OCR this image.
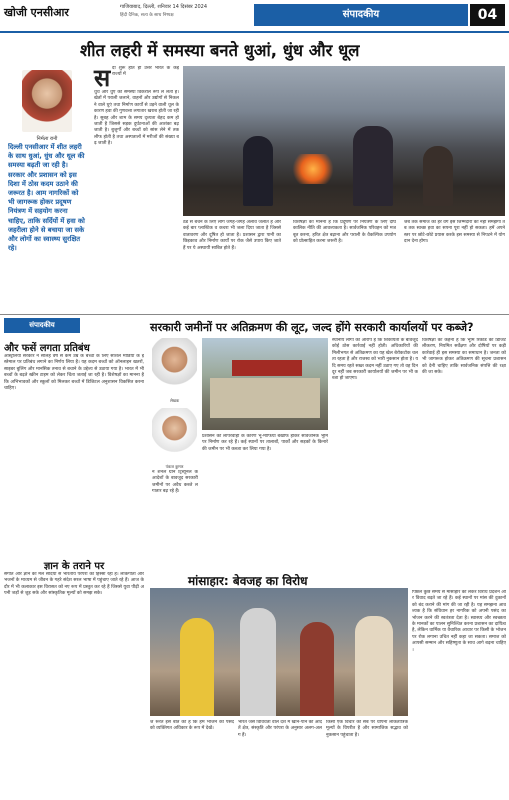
खोजी एनसीआर	गाजियाबाद, दिल्ली, शनिवार 14 दिसंबर 2024
हिंदी दैनिक, सत्य के साथ निष्पक्ष	संपादकीय	04
शीत लहरी में समस्या बनते धुआं, धुंध और धूल
निर्मला रानी
दिल्ली एनसीआर में शीत लहरी के साथ धुआं, धुंध और धूल की समस्या बढ़ती जा रही है। सरकार और प्रशासन को इस दिशा में ठोस कदम उठाने की जरूरत है। आम नागरिकों को भी जागरूक होकर प्रदूषण नियंत्रण में सहयोग करना चाहिए, ताकि सर्दियों में हवा को जहरीला होने से बचाया जा सके और लोगों का स्वास्थ्य सुरक्षित रहे।
स र्दी शुरू होते ही उत्तर भारत के कई राज्यों में
धुंध और धुएं की समस्या विकराल रूप ले लेती है। खेतों में पराली जलाने, वाहनों और उद्योगों से निकलने वाले धुएं तथा निर्माण कार्यों से उड़ने वाली धूल के कारण हवा की गुणवत्ता लगातार खराब होती जा रही है। सुबह और शाम के समय दृश्यता बेहद कम हो जाती है जिससे सड़क दुर्घटनाओं की आशंका बढ़ जाती है। बुजुर्गों और बच्चों को सांस लेने में तकलीफ होती है तथा अस्पतालों में मरीजों की संख्या बढ़ जाती है।
ठंड से बचने के लिए लोग जगह-जगह अलाव जलाते हैं और कई बार प्लास्टिक व कचरा भी जला दिया जाता है जिससे वातावरण और दूषित हो जाता है। प्रशासन द्वारा पानी का छिड़काव और निर्माण कार्यों पर रोक जैसे उपाय किए जाते हैं पर ये अस्थायी साबित होते हैं।
विशेषज्ञों का मानना है कि प्रदूषण पर नियंत्रण के लिए दीर्घकालिक नीति की आवश्यकता है। सार्वजनिक परिवहन को मजबूत करना, हरित क्षेत्र बढ़ाना और पराली के वैकल्पिक उपयोग को प्रोत्साहित करना जरूरी है।
जब तक समाज का हर वर्ग इस जिम्मेदारी को नहीं समझेगा तब तक स्वच्छ हवा का सपना पूरा नहीं हो सकता। हमें अपने स्तर पर छोटे-छोटे प्रयास करके इस समस्या से निपटने में योगदान देना होगा।
संपादकीय
और फसें लगता प्रतिबंध
आस्ट्रेलिया सरकार ने सोलह वर्ष से कम उम्र के बच्चों के लिए सोशल मीडिया के इस्तेमाल पर प्रतिबंध लगाने का निर्णय लिया है। यह कदम बच्चों को ऑनलाइन खतरों, साइबर बुलिंग और मानसिक तनाव से बचाने के उद्देश्य से उठाया गया है। भारत में भी बच्चों के बढ़ते स्क्रीन टाइम को लेकर चिंता जताई जा रही है। विशेषज्ञों का मानना है कि अभिभावकों और स्कूलों को मिलकर बच्चों में डिजिटल अनुशासन विकसित करना चाहिए।
ज्ञान के तराने पर
संगीत और ज्ञान का मेल सदियों से भारतीय परंपरा का हिस्सा रहा है। लोकगीतों और भजनों के माध्यम से जीवन के गहरे संदेश सरल भाषा में पहुंचाए जाते रहे हैं। आज के दौर में भी कलाकार इस विरासत को नए रूप में प्रस्तुत कर रहे हैं जिससे युवा पीढ़ी अपनी जड़ों से जुड़ सके और सांस्कृतिक मूल्यों को समझ सके।
सरकारी जमीनों पर अतिक्रमण की लूट, जल्द होंगे सरकारी कार्यालयों पर कब्जे?
लेखक
पंकज कुमार
ने शनल ग्रीन ट्रिब्यूनल के आदेशों के बावजूद सरकारी जमीनों पर अवैध कब्जे लगातार बढ़ रहे हैं।
प्रशासन की लापरवाही के कारण भू-माफिया बेखौफ होकर सार्वजनिक भूमि पर निर्माण कर रहे हैं। कई स्थानों पर तालाबों, पार्कों और सड़कों के किनारे की जमीन पर भी कब्जा कर लिया गया है।
स्थानीय लोगों का आरोप है कि शिकायतों के बावजूद कोई ठोस कार्रवाई नहीं होती। अधिकारियों की मिलीभगत से अतिक्रमण का यह खेल बेरोकटोक चलता रहता है और राजस्व को भारी नुकसान होता है। यदि समय रहते सख्त कदम नहीं उठाए गए तो वह दिन दूर नहीं जब सरकारी कार्यालयों की जमीन पर भी कब्जा हो जाएगा।
विशेषज्ञों का कहना है कि भूमि रिकॉर्ड का डिजिटलीकरण, नियमित सर्वेक्षण और दोषियों पर कड़ी कार्रवाई ही इस समस्या का समाधान है। जनता को भी जागरूक होकर अतिक्रमण की सूचना प्रशासन को देनी चाहिए ताकि सार्वजनिक संपत्ति की रक्षा की जा सके।
मांसाहार: बेवजह का विरोध
ज रूरत इस बात की है कि हम भोजन की पसंद को व्यक्तिगत अधिकार के रूप में देखें।
भारत जैसे विविधता वाले देश में खान-पान की आदतें क्षेत्र, संस्कृति और परंपरा के अनुसार अलग-अलग हैं।
किसी एक विचार को सब पर थोपना लोकतांत्रिक मूल्यों के विपरीत है और सामाजिक सद्भाव को नुकसान पहुंचाता है।
पिछले कुछ समय से मांसाहार को लेकर विरोध प्रदर्शन और विवाद बढ़ते जा रहे हैं। कई स्थानों पर मांस की दुकानों को बंद कराने की मांग की जा रही है। यह समझना आवश्यक है कि संविधान हर नागरिक को अपनी पसंद का भोजन करने की स्वतंत्रता देता है। स्वास्थ्य और स्वच्छता के मानकों का पालन सुनिश्चित करना प्रशासन का दायित्व है, लेकिन धार्मिक या वैचारिक आधार पर किसी के भोजन पर रोक लगाना उचित नहीं कहा जा सकता। समाज को आपसी सम्मान और सहिष्णुता के साथ आगे बढ़ना चाहिए।
